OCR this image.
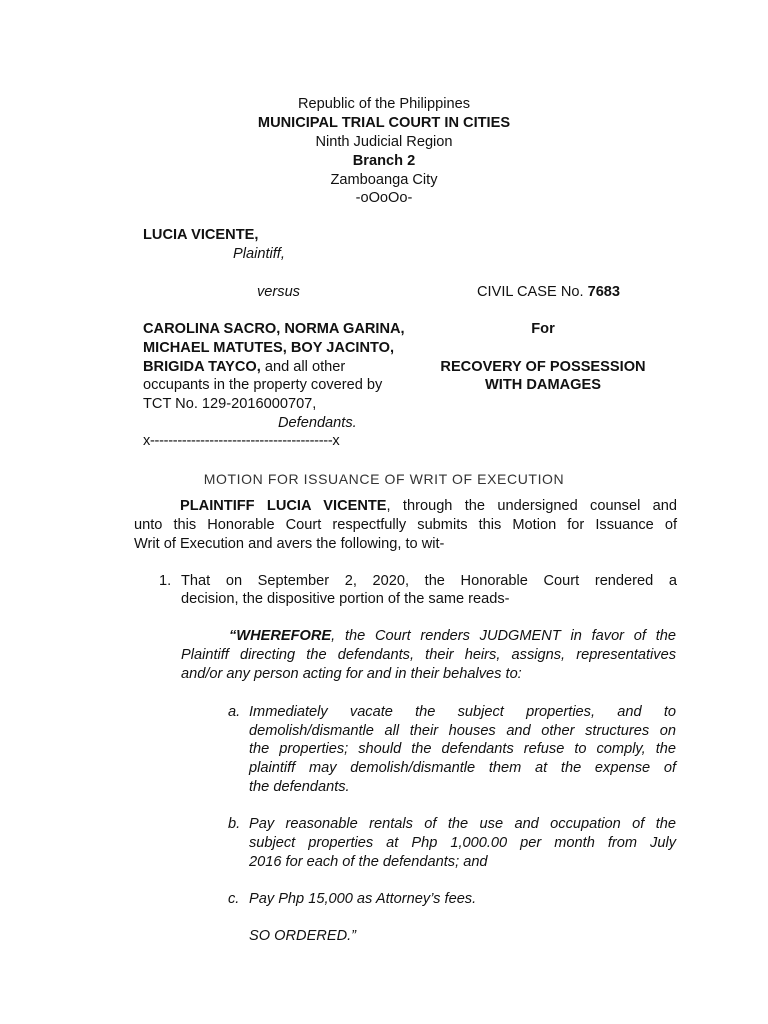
Republic of the Philippines
MUNICIPAL TRIAL COURT IN CITIES
Ninth Judicial Region
Branch 2
Zamboanga City
-oOoOo-
LUCIA VICENTE,
Plaintiff,
versus	CIVIL CASE No. 7683
CAROLINA SACRO, NORMA GARINA,
MICHAEL MATUTES, BOY JACINTO,
BRIGIDA TAYCO, and all other
occupants in the property covered by
TCT No. 129-2016000707,
Defendants.
x----------------------------------------x
For
RECOVERY OF POSSESSION
WITH DAMAGES
MOTION FOR ISSUANCE OF WRIT OF EXECUTION
PLAINTIFF LUCIA VICENTE, through the undersigned counsel and
unto this Honorable Court respectfully submits this Motion for Issuance of
Writ of Execution and avers the following, to wit-
1. That on September 2, 2020, the Honorable Court rendered a
decision, the dispositive portion of the same reads-
“WHEREFORE, the Court renders JUDGMENT in favor of the
Plaintiff directing the defendants, their heirs, assigns, representatives
and/or any person acting for and in their behalves to:
a. Immediately vacate the subject properties, and to
demolish/dismantle all their houses and other structures on
the properties; should the defendants refuse to comply, the
plaintiff may demolish/dismantle them at the expense of
the defendants.
b. Pay reasonable rentals of the use and occupation of the
subject properties at Php 1,000.00 per month from July
2016 for each of the defendants; and
c. Pay Php 15,000 as Attorney’s fees.
SO ORDERED.”
